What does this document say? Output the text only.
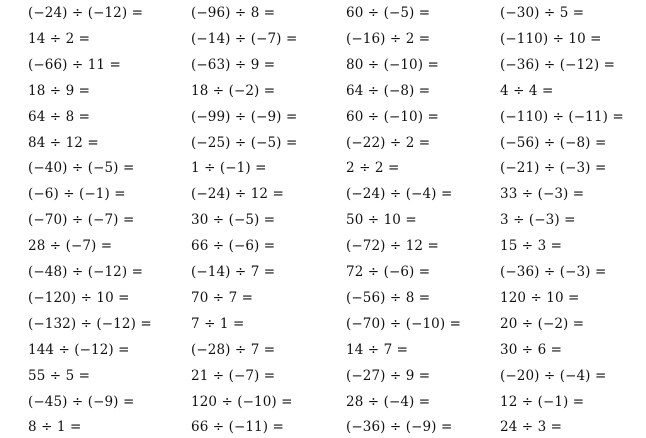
(−24) ÷ (−12) =	(−96) ÷ 8 =	60 ÷ (−5) =	(−30) ÷ 5 =
14 ÷ 2 =	(−14) ÷ (−7) =	(−16) ÷ 2 =	(−110) ÷ 10 =
(−66) ÷ 11 =	(−63) ÷ 9 =	80 ÷ (−10) =	(−36) ÷ (−12) =
18 ÷ 9 =	18 ÷ (−2) =	64 ÷ (−8) =	4 ÷ 4 =
64 ÷ 8 =	(−99) ÷ (−9) =	60 ÷ (−10) =	(−110) ÷ (−11) =
84 ÷ 12 =	(−25) ÷ (−5) =	(−22) ÷ 2 =	(−56) ÷ (−8) =
(−40) ÷ (−5) =	1 ÷ (−1) =	2 ÷ 2 =	(−21) ÷ (−3) =
(−6) ÷ (−1) =	(−24) ÷ 12 =	(−24) ÷ (−4) =	33 ÷ (−3) =
(−70) ÷ (−7) =	30 ÷ (−5) =	50 ÷ 10 =	3 ÷ (−3) =
28 ÷ (−7) =	66 ÷ (−6) =	(−72) ÷ 12 =	15 ÷ 3 =
(−48) ÷ (−12) =	(−14) ÷ 7 =	72 ÷ (−6) =	(−36) ÷ (−3) =
(−120) ÷ 10 =	70 ÷ 7 =	(−56) ÷ 8 =	120 ÷ 10 =
(−132) ÷ (−12) =	7 ÷ 1 =	(−70) ÷ (−10) =	20 ÷ (−2) =
144 ÷ (−12) =	(−28) ÷ 7 =	14 ÷ 7 =	30 ÷ 6 =
55 ÷ 5 =	21 ÷ (−7) =	(−27) ÷ 9 =	(−20) ÷ (−4) =
(−45) ÷ (−9) =	120 ÷ (−10) =	28 ÷ (−4) =	12 ÷ (−1) =
8 ÷ 1 =	66 ÷ (−11) =	(−36) ÷ (−9) =	24 ÷ 3 =
